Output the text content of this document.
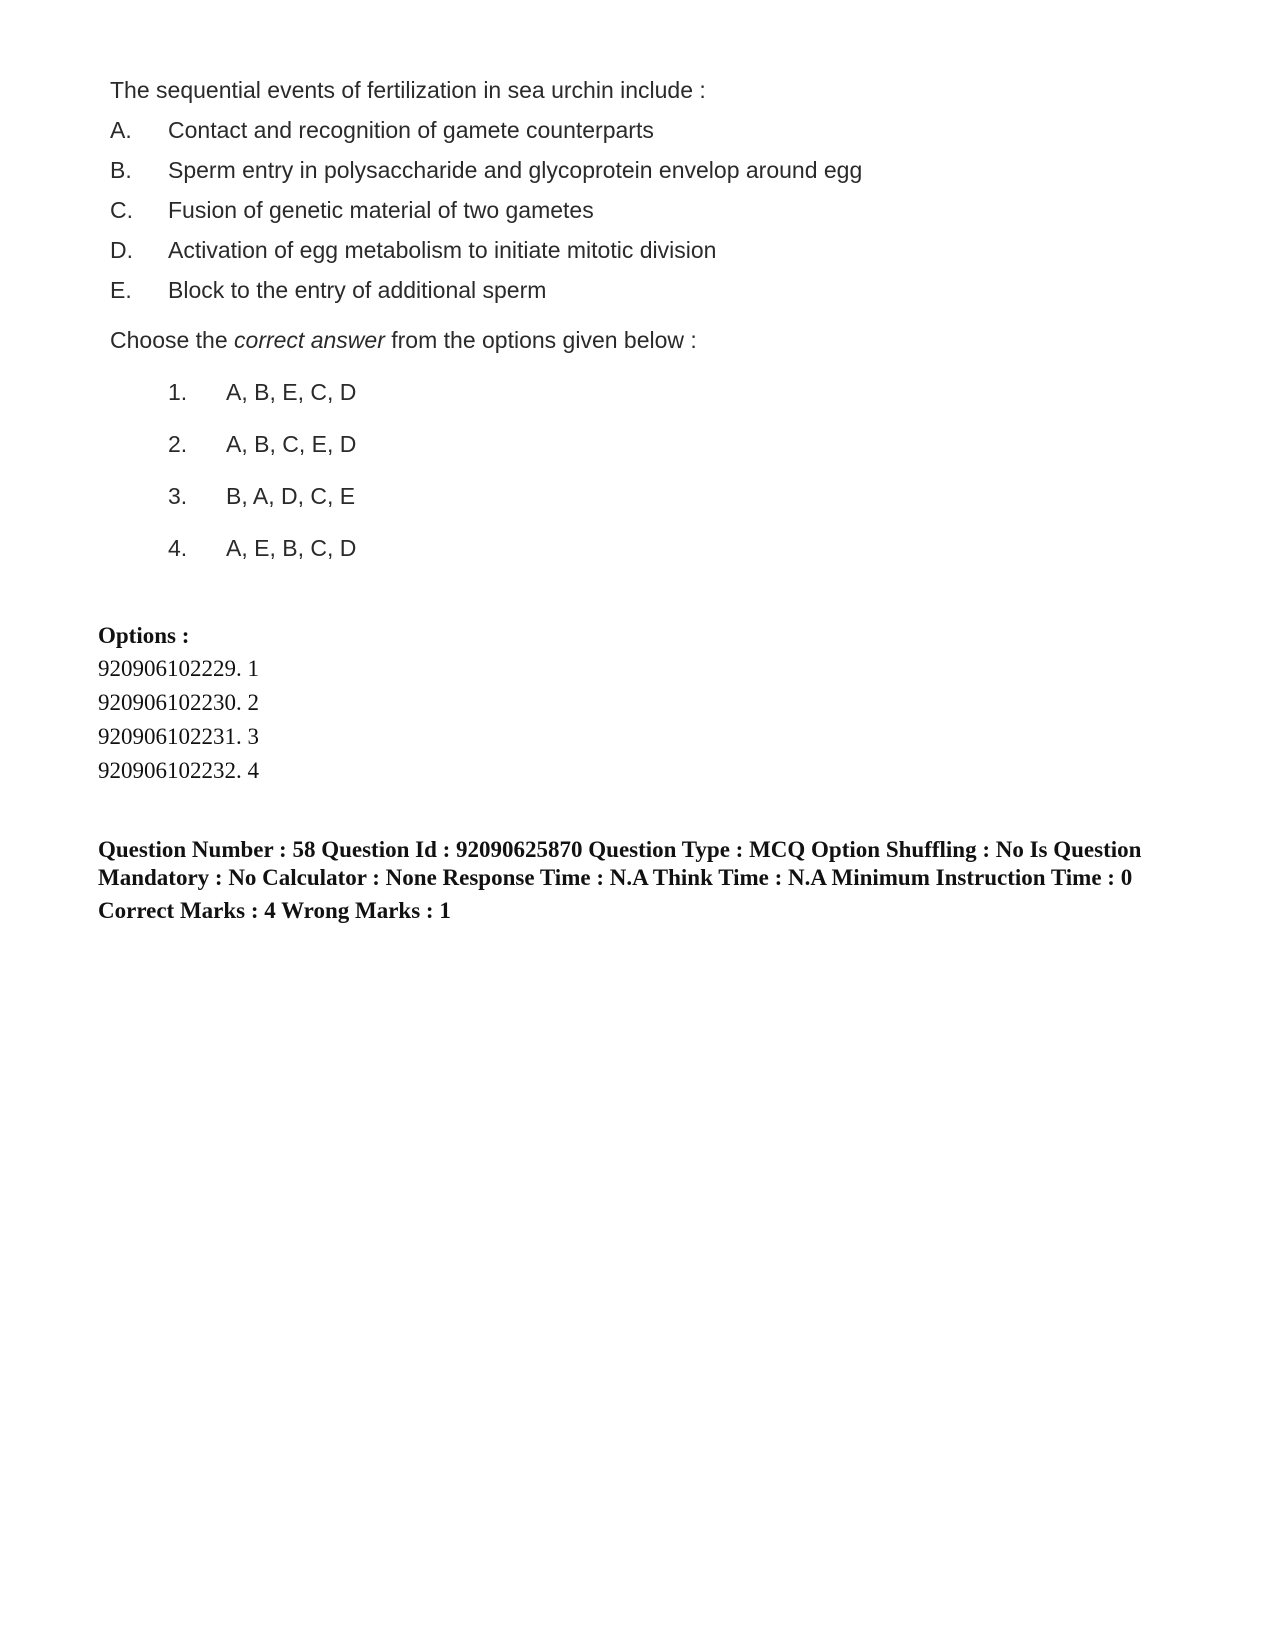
The sequential events of fertilization in sea urchin include :
A.	Contact and recognition of gamete counterparts
B.	Sperm entry in polysaccharide and glycoprotein envelop around egg
C.	Fusion of genetic material of two gametes
D.	Activation of egg metabolism to initiate mitotic division
E.	Block to the entry of additional sperm
Choose the correct answer from the options given below :
1.	A, B, E, C, D
2.	A, B, C, E, D
3.	B, A, D, C, E
4.	A, E, B, C, D
Options :
920906102229. 1
920906102230. 2
920906102231. 3
920906102232. 4
Question Number : 58 Question Id : 92090625870 Question Type : MCQ Option Shuffling : No Is Question Mandatory : No Calculator : None Response Time : N.A Think Time : N.A Minimum Instruction Time : 0
Correct Marks : 4 Wrong Marks : 1
